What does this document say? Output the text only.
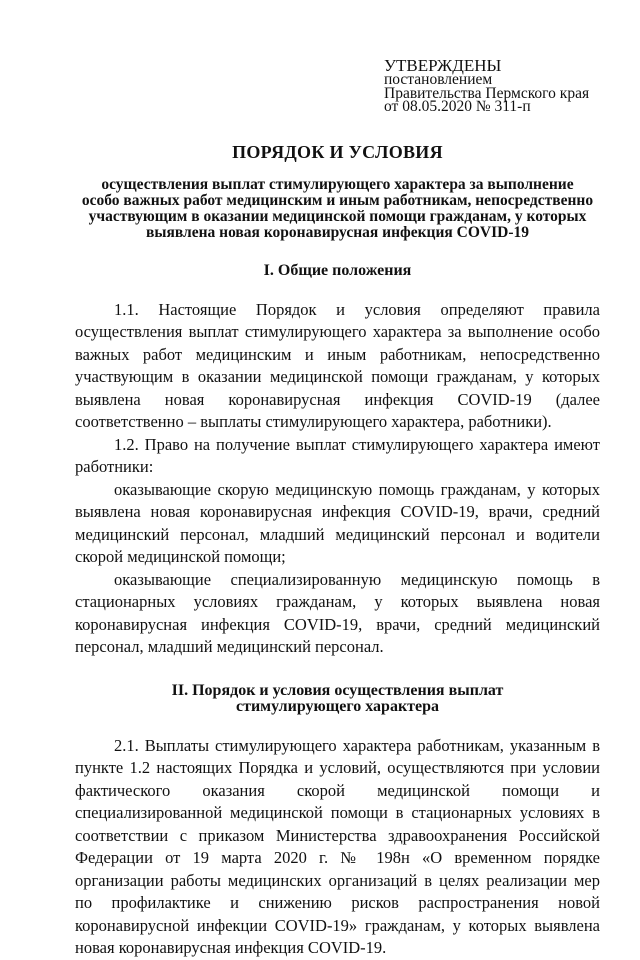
УТВЕРЖДЕНЫ
постановлением
Правительства Пермского края
от 08.05.2020 № 311-п
ПОРЯДОК И УСЛОВИЯ
осуществления выплат стимулирующего характера за выполнение
особо важных работ медицинским и иным работникам, непосредственно
участвующим в оказании медицинской помощи гражданам, у которых
выявлена новая коронавирусная инфекция COVID-19
I. Общие положения

1.1. Настоящие Порядок и условия определяют правила осуществления выплат стимулирующего характера за выполнение особо важных работ медицинским и иным работникам, непосредственно участвующим в оказании медицинской помощи гражданам, у которых выявлена новая коронавирусная инфекция COVID-19 (далее соответственно – выплаты стимулирующего характера, работники).

1.2. Право на получение выплат стимулирующего характера имеют работники:

оказывающие скорую медицинскую помощь гражданам, у которых выявлена новая коронавирусная инфекция COVID-19, врачи, средний медицинский персонал, младший медицинский персонал и водители скорой медицинской помощи;

оказывающие специализированную медицинскую помощь в стационарных условиях гражданам, у которых выявлена новая коронавирусная инфекция COVID-19, врачи, средний медицинский персонал, младший медицинский персонал.

II. Порядок и условия осуществления выплат
стимулирующего характера

2.1. Выплаты стимулирующего характера работникам, указанным в пункте 1.2 настоящих Порядка и условий, осуществляются при условии фактического оказания скорой медицинской помощи и специализированной медицинской помощи в стационарных условиях в соответствии с приказом Министерства здравоохранения Российской Федерации от 19 марта 2020 г. № 198н «О временном порядке организации работы медицинских организаций в целях реализации мер по профилактике и снижению рисков распространения новой коронавирусной инфекции COVID-19» гражданам, у которых выявлена новая коронавирусная инфекция COVID-19.
